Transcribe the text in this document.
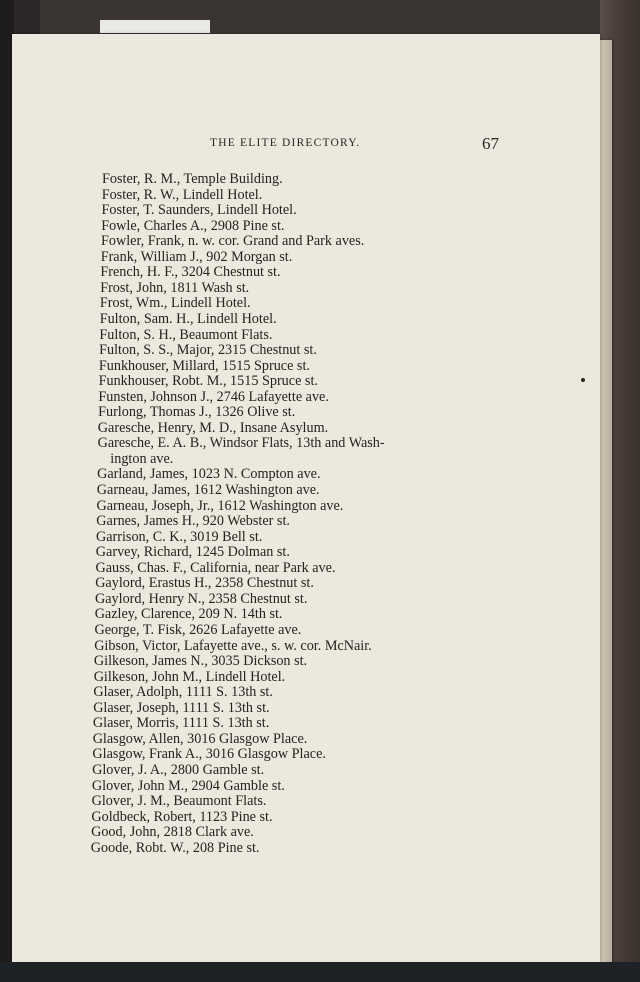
THE ELITE DIRECTORY.	67
Foster, R. M., Temple Building.
Foster, R. W., Lindell Hotel.
Foster, T. Saunders, Lindell Hotel.
Fowle, Charles A., 2908 Pine st.
Fowler, Frank, n. w. cor. Grand and Park aves.
Frank, William J., 902 Morgan st.
French, H. F., 3204 Chestnut st.
Frost, John, 1811 Wash st.
Frost, Wm., Lindell Hotel.
Fulton, Sam. H., Lindell Hotel.
Fulton, S. H., Beaumont Flats.
Fulton, S. S., Major, 2315 Chestnut st.
Funkhouser, Millard, 1515 Spruce st.
Funkhouser, Robt. M., 1515 Spruce st.
Funsten, Johnson J., 2746 Lafayette ave.
Furlong, Thomas J., 1326 Olive st.
Garesche, Henry, M. D., Insane Asylum.
Garesche, E. A. B., Windsor Flats, 13th and Wash-
ington ave.
Garland, James, 1023 N. Compton ave.
Garneau, James, 1612 Washington ave.
Garneau, Joseph, Jr., 1612 Washington ave.
Garnes, James H., 920 Webster st.
Garrison, C. K., 3019 Bell st.
Garvey, Richard, 1245 Dolman st.
Gauss, Chas. F., California, near Park ave.
Gaylord, Erastus H., 2358 Chestnut st.
Gaylord, Henry N., 2358 Chestnut st.
Gazley, Clarence, 209 N. 14th st.
George, T. Fisk, 2626 Lafayette ave.
Gibson, Victor, Lafayette ave., s. w. cor. McNair.
Gilkeson, James N., 3035 Dickson st.
Gilkeson, John M., Lindell Hotel.
Glaser, Adolph, 1111 S. 13th st.
Glaser, Joseph, 1111 S. 13th st.
Glaser, Morris, 1111 S. 13th st.
Glasgow, Allen, 3016 Glasgow Place.
Glasgow, Frank A., 3016 Glasgow Place.
Glover, J. A., 2800 Gamble st.
Glover, John M., 2904 Gamble st.
Glover, J. M., Beaumont Flats.
Goldbeck, Robert, 1123 Pine st.
Good, John, 2818 Clark ave.
Goode, Robt. W., 208 Pine st.
